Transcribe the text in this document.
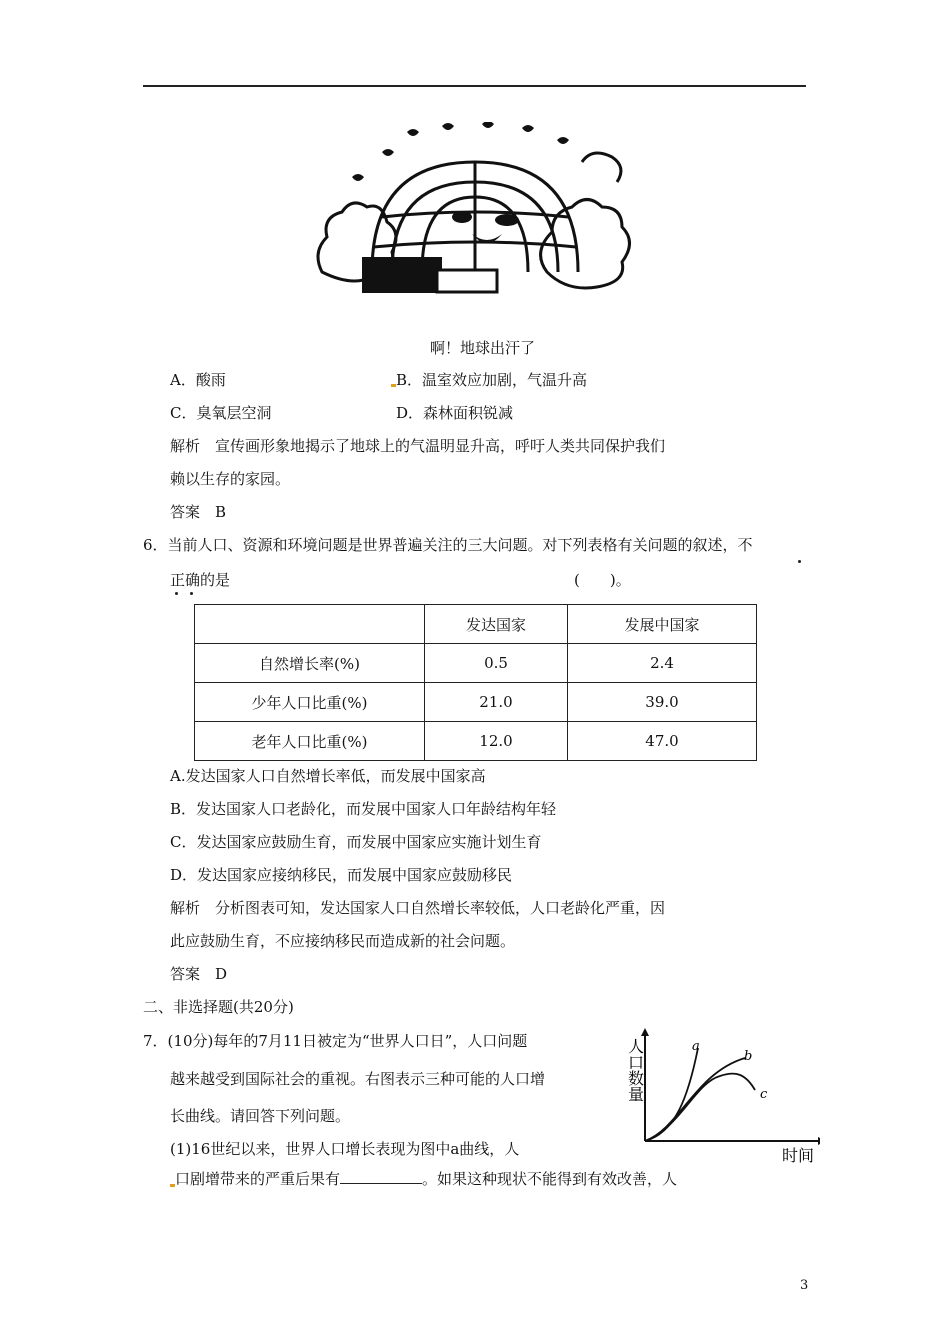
啊！地球出汗了
A．酸雨	B．温室效应加剧，气温升高
C．臭氧层空洞	D．森林面积锐减
解析　宣传画形象地揭示了地球上的气温明显升高，呼吁人类共同保护我们
赖以生存的家园。
答案　B
6．当前人口、资源和环境问题是世界普遍关注的三大问题。对下列表格有关问题的叙述，不
正确的是	(　　)。
	发达国家	发展中国家
自然增长率(%)	0.5	2.4
少年人口比重(%)	21.0	39.0
老年人口比重(%)	12.0	47.0
A.发达国家人口自然增长率低，而发展中国家高
B．发达国家人口老龄化，而发展中国家人口年龄结构年轻
C．发达国家应鼓励生育，而发展中国家应实施计划生育
D．发达国家应接纳移民，而发展中国家应鼓励移民
解析　分析图表可知，发达国家人口自然增长率较低，人口老龄化严重，因
此应鼓励生育，不应接纳移民而造成新的社会问题。
答案　D
二、非选择题(共20分)
7．(10分)每年的7月11日被定为“世界人口日”，人口问题
越来越受到国际社会的重视。右图表示三种可能的人口增
长曲线。请回答下列问题。
(1)16世纪以来，世界人口增长表现为图中a曲线，人
口剧增带来的严重后果有	。如果这种现状不能得到有效改善，人
人
口
数
量
时间
a
b
c
3
